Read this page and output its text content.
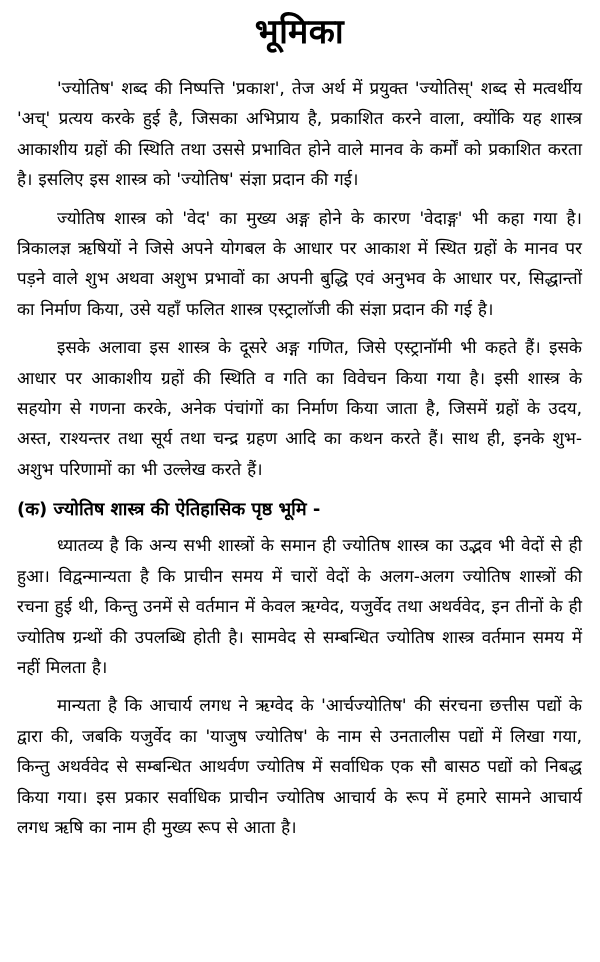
भूमिका

'ज्योतिष' शब्द की निष्पत्ति 'प्रकाश', तेज अर्थ में प्रयुक्त 'ज्योतिस्' शब्द से मत्वर्थीय 'अच्' प्रत्यय करके हुई है, जिसका अभिप्राय है, प्रकाशित करने वाला, क्योंकि यह शास्त्र आकाशीय ग्रहों की स्थिति तथा उससे प्रभावित होने वाले मानव के कर्मों को प्रकाशित करता है। इसलिए इस शास्त्र को 'ज्योतिष' संज्ञा प्रदान की गई।

ज्योतिष शास्त्र को 'वेद' का मुख्य अङ्ग होने के कारण 'वेदाङ्ग' भी कहा गया है। त्रिकालज्ञ ऋषियों ने जिसे अपने योगबल के आधार पर आकाश में स्थित ग्रहों के मानव पर पड़ने वाले शुभ अथवा अशुभ प्रभावों का अपनी बुद्धि एवं अनुभव के आधार पर, सिद्धान्तों का निर्माण किया, उसे यहाँ फलित शास्त्र एस्ट्रालॉजी की संज्ञा प्रदान की गई है।

इसके अलावा इस शास्त्र के दूसरे अङ्ग गणित, जिसे एस्ट्रानॉमी भी कहते हैं। इसके आधार पर आकाशीय ग्रहों की स्थिति व गति का विवेचन किया गया है। इसी शास्त्र के सहयोग से गणना करके, अनेक पंचांगों का निर्माण किया जाता है, जिसमें ग्रहों के उदय, अस्त, राश्यन्तर तथा सूर्य तथा चन्द्र ग्रहण आदि का कथन करते हैं। साथ ही, इनके शुभ-अशुभ परिणामों का भी उल्लेख करते हैं।

(क) ज्योतिष शास्त्र की ऐतिहासिक पृष्ठ भूमि -

ध्यातव्य है कि अन्य सभी शास्त्रों के समान ही ज्योतिष शास्त्र का उद्भव भी वेदों से ही हुआ। विद्वन्मान्यता है कि प्राचीन समय में चारों वेदों के अलग-अलग ज्योतिष शास्त्रों की रचना हुई थी, किन्तु उनमें से वर्तमान में केवल ऋग्वेद, यजुर्वेद तथा अथर्ववेद, इन तीनों के ही ज्योतिष ग्रन्थों की उपलब्धि होती है। सामवेद से सम्बन्धित ज्योतिष शास्त्र वर्तमान समय में नहीं मिलता है।

मान्यता है कि आचार्य लगध ने ऋग्वेद के 'आर्चज्योतिष' की संरचना छत्तीस पद्यों के द्वारा की, जबकि यजुर्वेद का 'याजुष ज्योतिष' के नाम से उनतालीस पद्यों में लिखा गया, किन्तु अथर्ववेद से सम्बन्धित आथर्वण ज्योतिष में सर्वाधिक एक सौ बासठ पद्यों को निबद्ध किया गया। इस प्रकार सर्वाधिक प्राचीन ज्योतिष आचार्य के रूप में हमारे सामने आचार्य लगध ऋषि का नाम ही मुख्य रूप से आता है।
